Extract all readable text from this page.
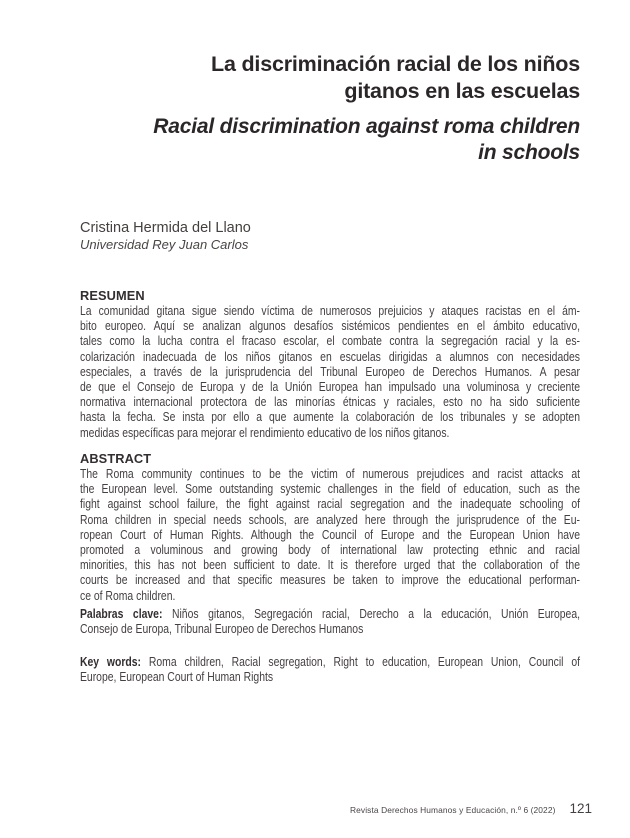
La discriminación racial de los niños
gitanos en las escuelas
Racial discrimination against roma children
in schools
Cristina Hermida del Llano
Universidad Rey Juan Carlos
RESUMEN
La comunidad gitana sigue siendo víctima de numerosos prejuicios y ataques racistas en el ám-
bito europeo. Aquí se analizan algunos desafíos sistémicos pendientes en el ámbito educativo,
tales como la lucha contra el fracaso escolar, el combate contra la segregación racial y la es-
colarización inadecuada de los niños gitanos en escuelas dirigidas a alumnos con necesidades
especiales, a través de la jurisprudencia del Tribunal Europeo de Derechos Humanos. A pesar
de que el Consejo de Europa y de la Unión Europea han impulsado una voluminosa y creciente
normativa internacional protectora de las minorías étnicas y raciales, esto no ha sido suficiente
hasta la fecha. Se insta por ello a que aumente la colaboración de los tribunales y se adopten
medidas específicas para mejorar el rendimiento educativo de los niños gitanos.
ABSTRACT
The Roma community continues to be the victim of numerous prejudices and racist attacks at
the European level. Some outstanding systemic challenges in the field of education, such as the
fight against school failure, the fight against racial segregation and the inadequate schooling of
Roma children in special needs schools, are analyzed here through the jurisprudence of the Eu-
ropean Court of Human Rights. Although the Council of Europe and the European Union have
promoted a voluminous and growing body of international law protecting ethnic and racial
minorities, this has not been sufficient to date. It is therefore urged that the collaboration of the
courts be increased and that specific measures be taken to improve the educational performan-
ce of Roma children.
Palabras clave: Niños gitanos, Segregación racial, Derecho a la educación, Unión Europea,
Consejo de Europa, Tribunal Europeo de Derechos Humanos
Key words: Roma children, Racial segregation, Right to education, European Union, Council of
Europe, European Court of Human Rights
Revista Derechos Humanos y Educación, n.º 6 (2022) 121
